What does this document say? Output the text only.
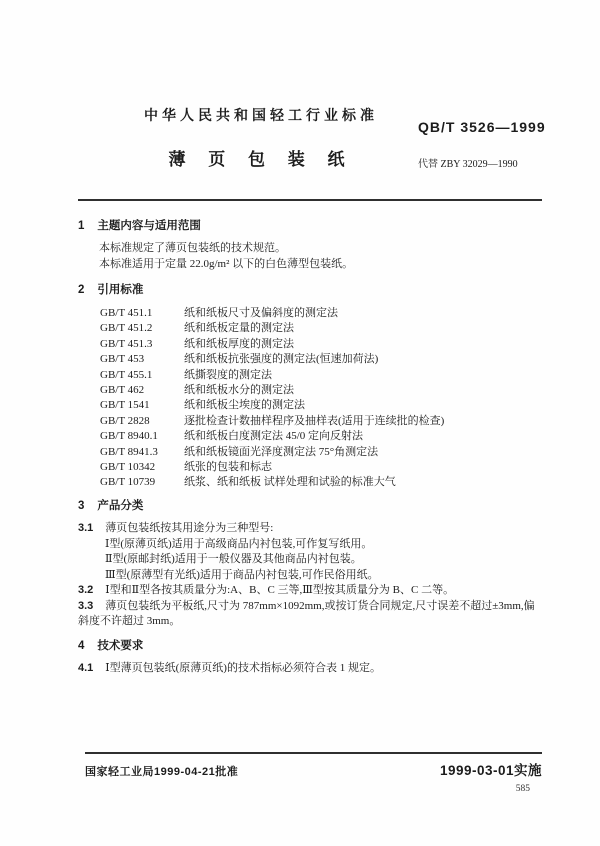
中华人民共和国轻工行业标准
薄 页 包 装 纸
QB/T 3526—1999
代替 ZBY 32029—1990
1 主题内容与适用范围
本标准规定了薄页包装纸的技术规范。
本标准适用于定量 22.0g/m² 以下的白色薄型包装纸。
2 引用标准
GB/T 451.1	纸和纸板尺寸及偏斜度的测定法
GB/T 451.2	纸和纸板定量的测定法
GB/T 451.3	纸和纸板厚度的测定法
GB/T 453	纸和纸板抗张强度的测定法(恒速加荷法)
GB/T 455.1	纸撕裂度的测定法
GB/T 462	纸和纸板水分的测定法
GB/T 1541	纸和纸板尘埃度的测定法
GB/T 2828	逐批检查计数抽样程序及抽样表(适用于连续批的检查)
GB/T 8940.1 纸和纸板白度测定法 45/0 定向反射法
GB/T 8941.3 纸和纸板镜面光泽度测定法 75°角测定法
GB/T 10342	纸张的包装和标志
GB/T 10739	纸浆、纸和纸板 试样处理和试验的标准大气
3 产品分类
3.1 薄页包装纸按其用途分为三种型号:
Ⅰ型(原薄页纸)适用于高级商品内衬包装,可作复写纸用。
Ⅱ型(原邮封纸)适用于一般仪器及其他商品内衬包装。
Ⅲ型(原薄型有光纸)适用于商品内衬包装,可作民俗用纸。
3.2 Ⅰ型和Ⅱ型各按其质量分为:A、B、C 三等,Ⅲ型按其质量分为 B、C 二等。
3.3 薄页包装纸为平板纸,尺寸为 787mm×1092mm,或按订货合同规定,尺寸误差不超过±3mm,偏斜度不许超过 3mm。
4 技术要求
4.1 Ⅰ型薄页包装纸(原薄页纸)的技术指标必须符合表 1 规定。
国家轻工业局1999-04-21批准	1999-03-01实施
585
